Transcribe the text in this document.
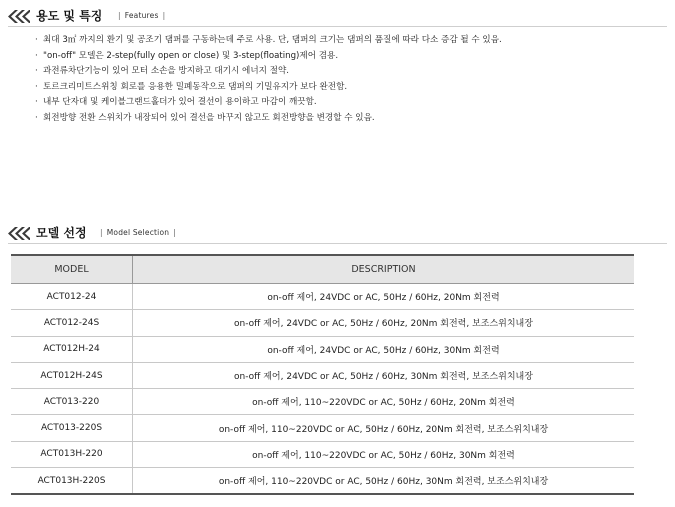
용도 및 특징	| Features |
· 최대 3㎡ 까지의 환기 및 공조기 댐퍼를 구동하는데 주로 사용. 단, 댐퍼의 크기는 댐퍼의 품질에 따라 다소 증감 될 수 있음.
· "on-off" 모델은 2-step(fully open or close) 및 3-step(floating)제어 겸용.
· 과전류차단기능이 있어 모터 소손을 방지하고 대기시 에너지 절약.
· 토르크리미트스위칭 회로를 응용한 밀폐동작으로 댐퍼의 기밀유지가 보다 완전함.
· 내부 단자대 및 케이블그랜드홀더가 있어 결선이 용이하고 마감이 깨끗함.
· 회전방향 전환 스위치가 내장되어 있어 결선을 바꾸지 않고도 회전방향을 변경할 수 있음.
모델 선정	| Model Selection |
MODEL	DESCRIPTION
ACT012-24	on-off 제어, 24VDC or AC, 50Hz / 60Hz, 20Nm 회전력
ACT012-24S	on-off 제어, 24VDC or AC, 50Hz / 60Hz, 20Nm 회전력, 보조스위치내장
ACT012H-24	on-off 제어, 24VDC or AC, 50Hz / 60Hz, 30Nm 회전력
ACT012H-24S	on-off 제어, 24VDC or AC, 50Hz / 60Hz, 30Nm 회전력, 보조스위치내장
ACT013-220	on-off 제어, 110~220VDC or AC, 50Hz / 60Hz, 20Nm 회전력
ACT013-220S	on-off 제어, 110~220VDC or AC, 50Hz / 60Hz, 20Nm 회전력, 보조스위치내장
ACT013H-220	on-off 제어, 110~220VDC or AC, 50Hz / 60Hz, 30Nm 회전력
ACT013H-220S	on-off 제어, 110~220VDC or AC, 50Hz / 60Hz, 30Nm 회전력, 보조스위치내장
